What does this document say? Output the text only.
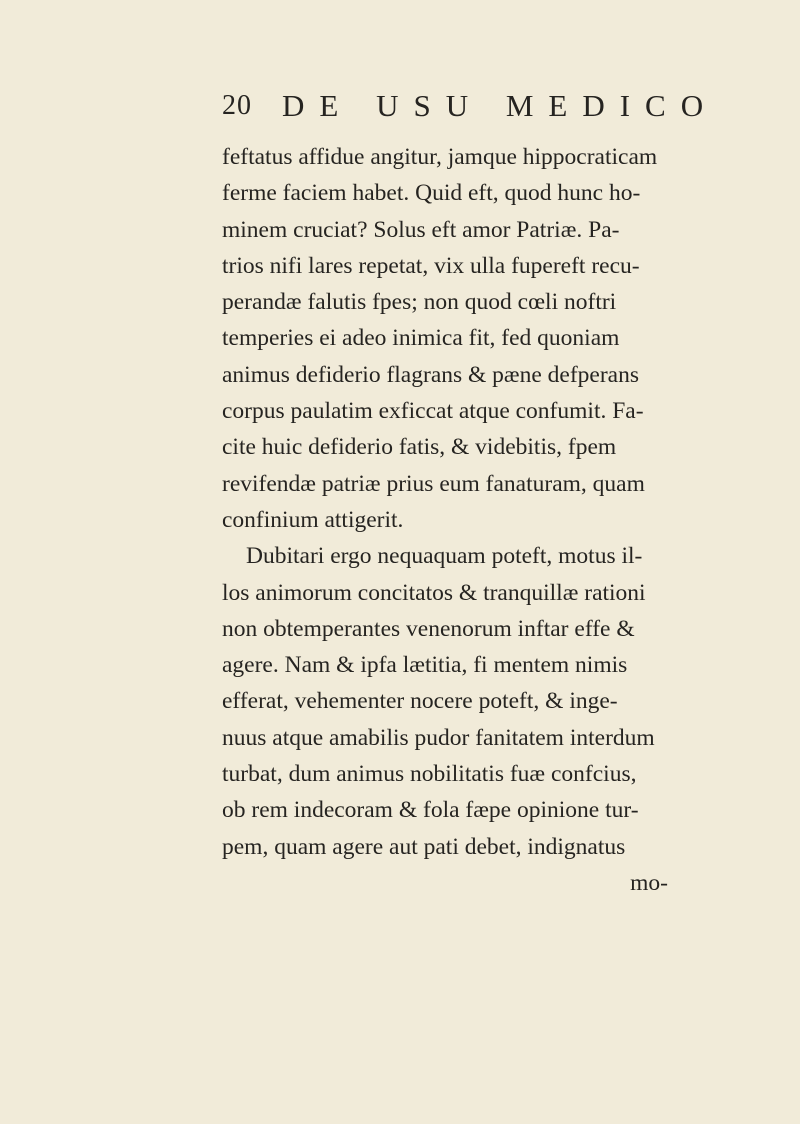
20 DE USU MEDICO
feftatus affidue angitur, jamque hippocraticam
ferme faciem habet. Quid eft, quod hunc ho-
minem cruciat? Solus eft amor Patriæ. Pa-
trios nifi lares repetat, vix ulla fupereft recu-
perandæ falutis fpes; non quod cœli noftri
temperies ei adeo inimica fit, fed quoniam
animus defiderio flagrans & pæne defperans
corpus paulatim exficcat atque confumit. Fa-
cite huic defiderio fatis, & videbitis, fpem
revifendæ patriæ prius eum fanaturam, quam
confinium attigerit.
Dubitari ergo nequaquam poteft, motus il-
los animorum concitatos & tranquillæ rationi
non obtemperantes venenorum inftar effe &
agere. Nam & ipfa lætitia, fi mentem nimis
efferat, vehementer nocere poteft, & inge-
nuus atque amabilis pudor fanitatem interdum
turbat, dum animus nobilitatis fuæ confcius,
ob rem indecoram & fola fæpe opinione tur-
pem, quam agere aut pati debet, indignatus
mo-
